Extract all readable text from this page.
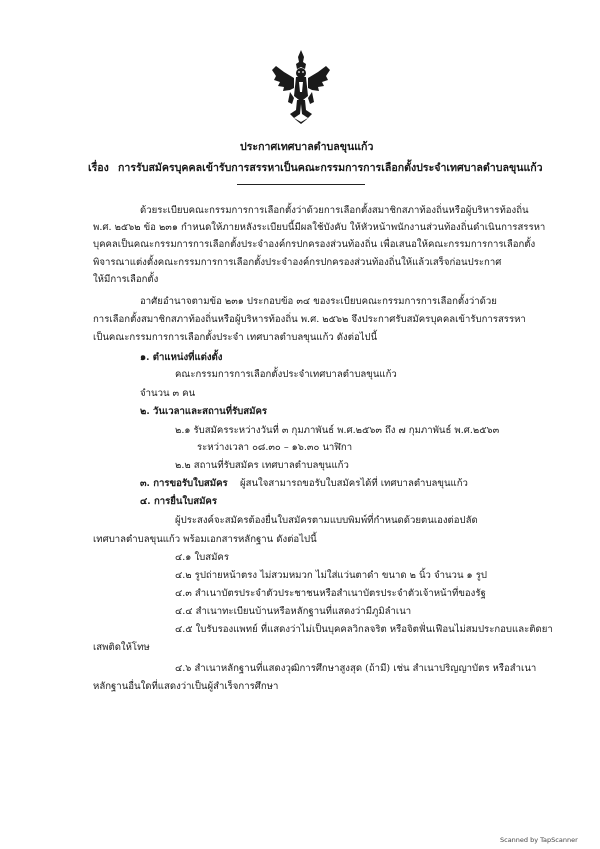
ประกาศเทศบาลตำบลขุนแก้ว
เรื่อง การรับสมัครบุคคลเข้ารับการสรรหาเป็นคณะกรรมการการเลือกตั้งประจำเทศบาลตำบลขุนแก้ว
ด้วยระเบียบคณะกรรมการการเลือกตั้งว่าด้วยการเลือกตั้งสมาชิกสภาท้องถิ่นหรือผู้บริหารท้องถิ่น
พ.ศ. ๒๕๖๒ ข้อ ๒๓๑ กำหนดให้ภายหลังระเบียบนี้มีผลใช้บังคับ ให้หัวหน้าพนักงานส่วนท้องถิ่นดำเนินการสรรหา
บุคคลเป็นคณะกรรมการการเลือกตั้งประจำองค์กรปกครองส่วนท้องถิ่น เพื่อเสนอให้คณะกรรมการการเลือกตั้ง
พิจารณาแต่งตั้งคณะกรรมการการเลือกตั้งประจำองค์กรปกครองส่วนท้องถิ่นให้แล้วเสร็จก่อนประกาศ
ให้มีการเลือกตั้ง
อาศัยอำนาจตามข้อ ๒๓๑ ประกอบข้อ ๓๔ ของระเบียบคณะกรรมการการเลือกตั้งว่าด้วย
การเลือกตั้งสมาชิกสภาท้องถิ่นหรือผู้บริหารท้องถิ่น พ.ศ. ๒๕๖๒ จึงประกาศรับสมัครบุคคลเข้ารับการสรรหา
เป็นคณะกรรมการการเลือกตั้งประจำ เทศบาลตำบลขุนแก้ว ดังต่อไปนี้
๑. ตำแหน่งที่แต่งตั้ง
คณะกรรมการการเลือกตั้งประจำเทศบาลตำบลขุนแก้ว
จำนวน ๓ คน
๒. วันเวลาและสถานที่รับสมัคร
๒.๑ รับสมัครระหว่างวันที่ ๓ กุมภาพันธ์ พ.ศ.๒๕๖๓ ถึง ๗ กุมภาพันธ์ พ.ศ.๒๕๖๓
ระหว่างเวลา ๐๘.๓๐ – ๑๖.๓๐ นาฬิกา
๒.๒ สถานที่รับสมัคร เทศบาลตำบลขุนแก้ว
๓. การขอรับใบสมัคร ผู้สนใจสามารถขอรับใบสมัครได้ที่ เทศบาลตำบลขุนแก้ว
๔. การยื่นใบสมัคร
ผู้ประสงค์จะสมัครต้องยื่นใบสมัครตามแบบพิมพ์ที่กำหนดด้วยตนเองต่อปลัด
เทศบาลตำบลขุนแก้ว พร้อมเอกสารหลักฐาน ดังต่อไปนี้
๔.๑ ใบสมัคร
๔.๒ รูปถ่ายหน้าตรง ไม่สวมหมวก ไม่ใส่แว่นตาดำ ขนาด ๒ นิ้ว จำนวน ๑ รูป
๔.๓ สำเนาบัตรประจำตัวประชาชนหรือสำเนาบัตรประจำตัวเจ้าหน้าที่ของรัฐ
๔.๔ สำเนาทะเบียนบ้านหรือหลักฐานที่แสดงว่ามีภูมิลำเนา
๔.๕ ใบรับรองแพทย์ ที่แสดงว่าไม่เป็นบุคคลวิกลจริต หรือจิตฟั่นเฟือนไม่สมประกอบและติดยา
เสพติดให้โทษ
๔.๖ สำเนาหลักฐานที่แสดงวุฒิการศึกษาสูงสุด (ถ้ามี) เช่น สำเนาปริญญาบัตร หรือสำเนา
หลักฐานอื่นใดที่แสดงว่าเป็นผู้สำเร็จการศึกษา
Scanned by TapScanner
